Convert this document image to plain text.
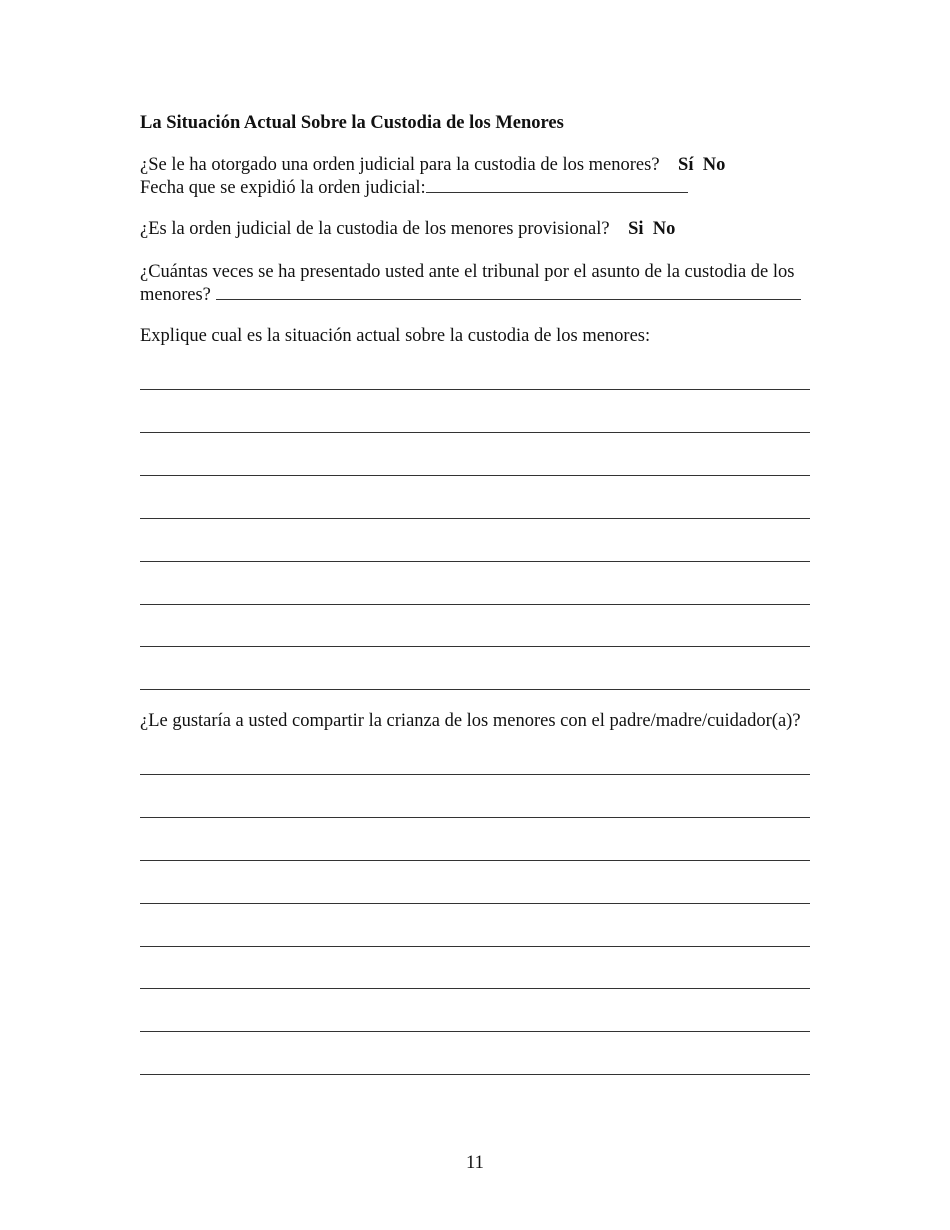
La Situación Actual Sobre la Custodia de los Menores
¿Se le ha otorgado una orden judicial para la custodia de los menores? Sí No
Fecha que se expidió la orden judicial:
¿Es la orden judicial de la custodia de los menores provisional? Si No
¿Cuántas veces se ha presentado usted ante el tribunal por el asunto de la custodia de los
menores?
Explique cual es la situación actual sobre la custodia de los menores:
¿Le gustaría a usted compartir la crianza de los menores con el padre/madre/cuidador(a)?
11
